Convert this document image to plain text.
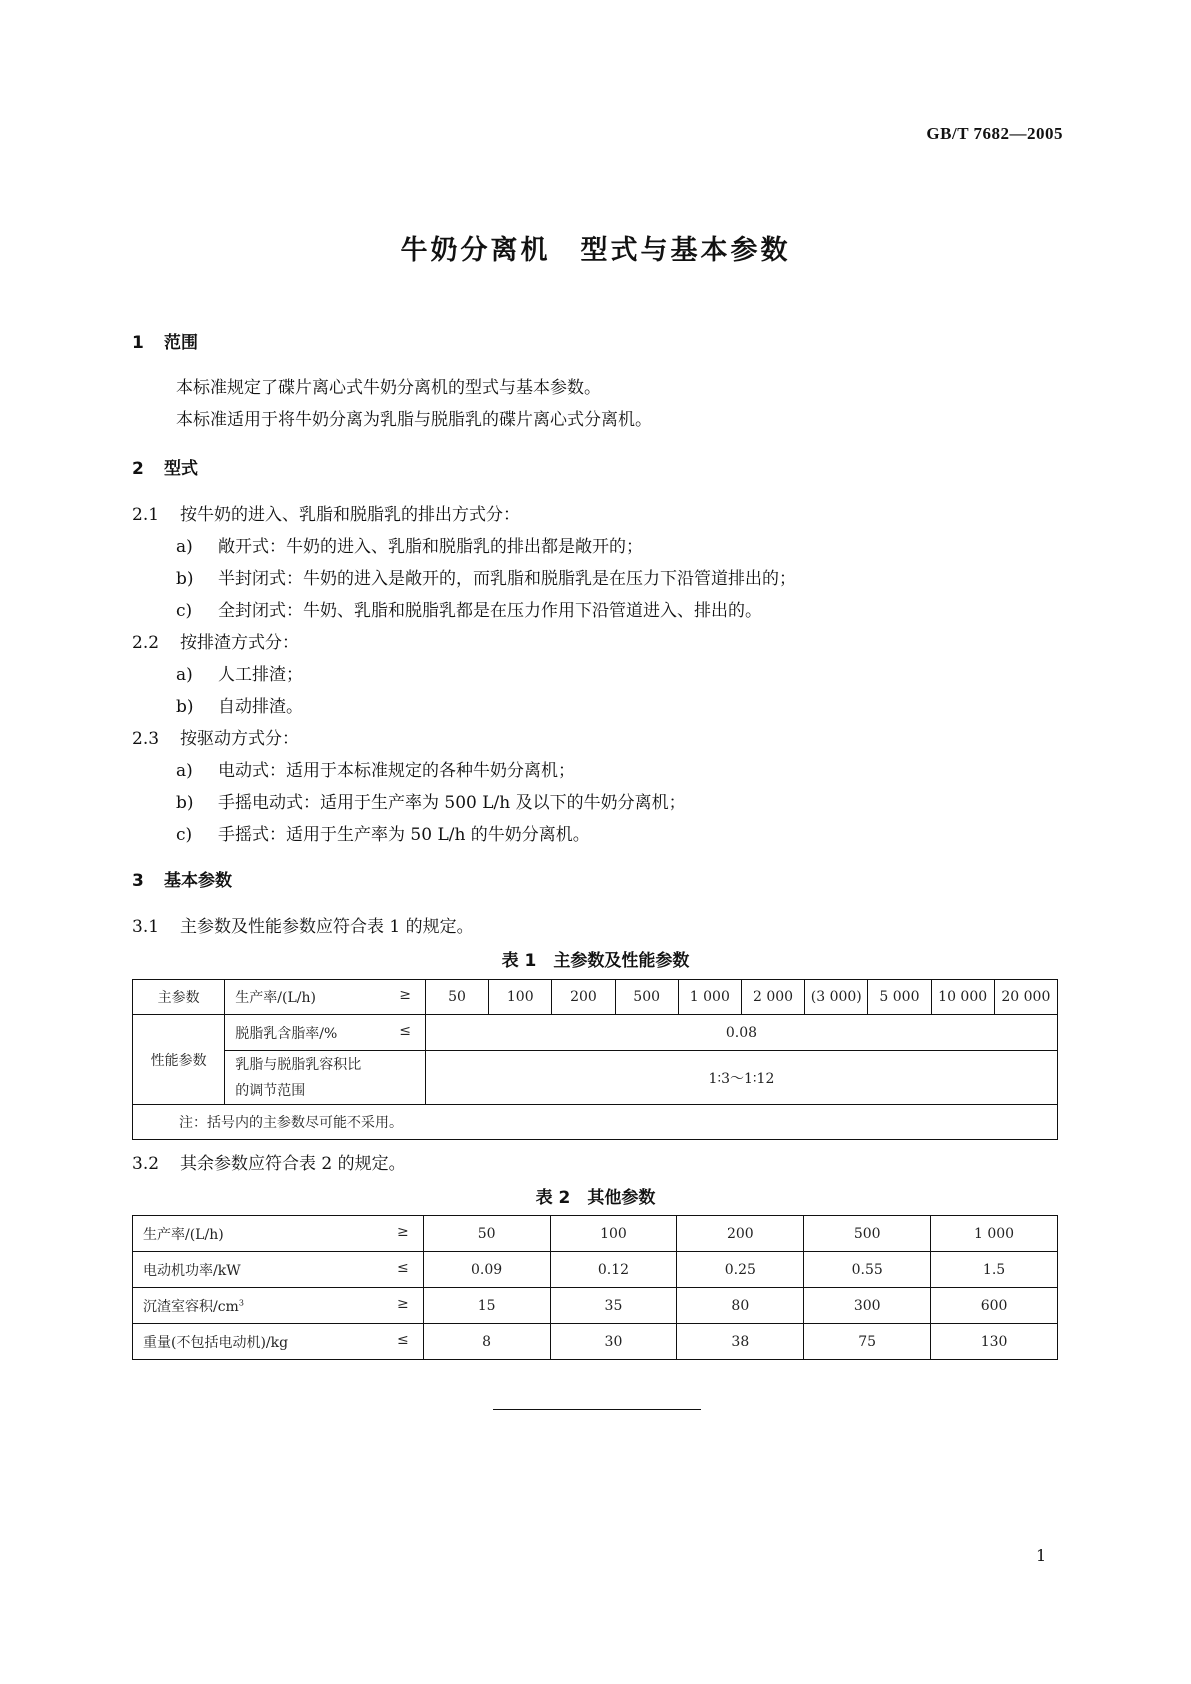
GB/T 7682—2005
牛奶分离机　型式与基本参数
1 范围
本标准规定了碟片离心式牛奶分离机的型式与基本参数。
本标准适用于将牛奶分离为乳脂与脱脂乳的碟片离心式分离机。
2 型式
2.1 按牛奶的进入、乳脂和脱脂乳的排出方式分：
a) 敞开式：牛奶的进入、乳脂和脱脂乳的排出都是敞开的；
b) 半封闭式：牛奶的进入是敞开的，而乳脂和脱脂乳是在压力下沿管道排出的；
c) 全封闭式：牛奶、乳脂和脱脂乳都是在压力作用下沿管道进入、排出的。
2.2 按排渣方式分：
a) 人工排渣；
b) 自动排渣。
2.3 按驱动方式分：
a) 电动式：适用于本标准规定的各种牛奶分离机；
b) 手摇电动式：适用于生产率为 500 L/h 及以下的牛奶分离机；
c) 手摇式：适用于生产率为 50 L/h 的牛奶分离机。
3 基本参数
3.1 主参数及性能参数应符合表 1 的规定。
表 1　主参数及性能参数
主参数	生产率/(L/h) ≥	50	100	200	500	1 000	2 000	(3 000)	5 000	10 000	20 000
性能参数	脱脂乳含脂率/% ≤	0.08									
	乳脂与脱脂乳容积比
的调节范围	1∶3～1∶12									
注：括号内的主参数尽可能不采用。											
3.2 其余参数应符合表 2 的规定。
表 2　其他参数
生产率/(L/h) ≥	50	100	200	500	1 000
电动机功率/kW ≤	0.09	0.12	0.25	0.55	1.5
沉渣室容积$/cm^3$ ≥	15	35	80	300	600
重量(不包括电动机)/kg ≤	8	30	38	75	130
1
